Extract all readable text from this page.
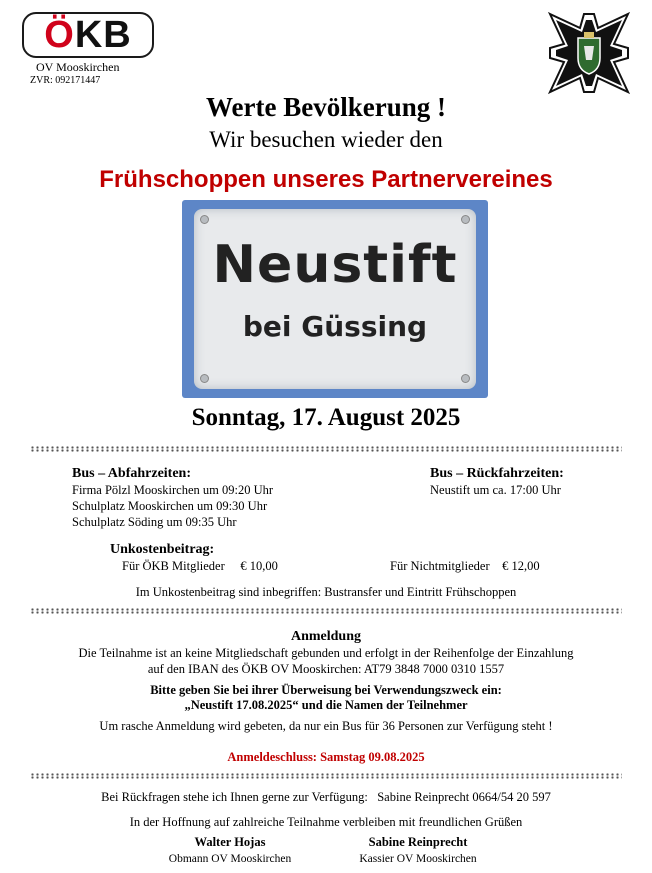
ÖKB
OV Mooskirchen
ZVR: 092171447
Werte Bevölkerung !
Wir besuchen wieder den
Frühschoppen unseres Partnervereines
Neustift
bei Güssing
Sonntag, 17. August 2025
Bus – Abfahrzeiten:
Firma Pölzl Mooskirchen um 09:20 Uhr
Schulplatz Mooskirchen um 09:30 Uhr
Schulplatz Söding um 09:35 Uhr
Bus – Rückfahrzeiten:
Neustift um ca. 17:00 Uhr
Unkostenbeitrag:
Für ÖKB Mitglieder     € 10,00	Für Nichtmitglieder    € 12,00
Im Unkostenbeitrag sind inbegriffen: Bustransfer und Eintritt Frühschoppen
Anmeldung
Die Teilnahme ist an keine Mitgliedschaft gebunden und erfolgt in der Reihenfolge der Einzahlung
auf den IBAN des ÖKB OV Mooskirchen: AT79 3848 7000 0310 1557
Bitte geben Sie bei ihrer Überweisung bei Verwendungszweck ein:
„Neustift 17.08.2025“ und die Namen der Teilnehmer
Um rasche Anmeldung wird gebeten, da nur ein Bus für 36 Personen zur Verfügung steht !
Anmeldeschluss: Samstag 09.08.2025
Bei Rückfragen stehe ich Ihnen gerne zur Verfügung:   Sabine Reinprecht 0664/54 20 597
In der Hoffnung auf zahlreiche Teilnahme verbleiben mit freundlichen Grüßen
Walter Hojas
Obmann OV Mooskirchen
Sabine Reinprecht
Kassier OV Mooskirchen
